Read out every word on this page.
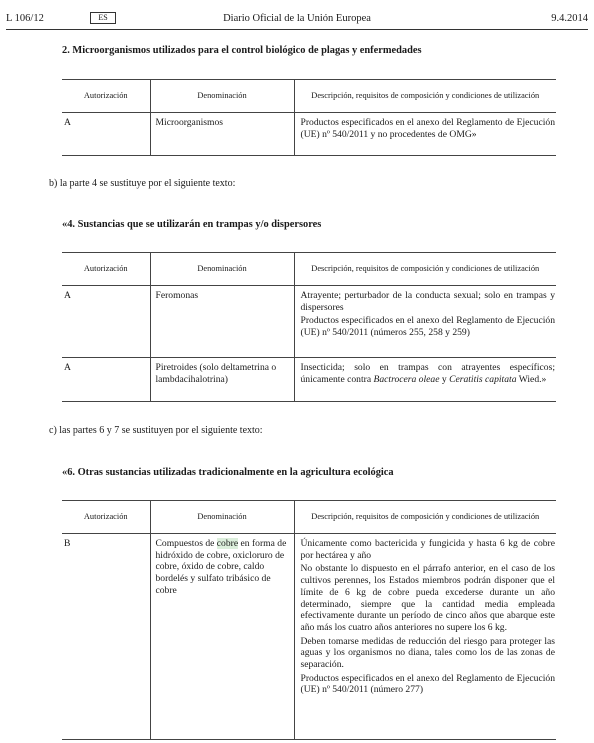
L 106/12	ES	Diario Oficial de la Unión Europea	9.4.2014
2. Microorganismos utilizados para el control biológico de plagas y enfermedades
Autorización	Denominación	Descripción, requisitos de composición y condiciones de utilización
A	Microorganismos	Productos especificados en el anexo del Reglamento de Ejecución (UE) nº 540/2011 y no procedentes de OMG»

b) la parte 4 se sustituye por el siguiente texto:
«4. Sustancias que se utilizarán en trampas y/o dispersores
Autorización	Denominación	Descripción, requisitos de composición y condiciones de utilización
A	Feromonas	Atrayente; perturbador de la conducta sexual; solo en trampas y dispersores

Productos especificados en el anexo del Reglamento de Ejecución (UE) nº 540/2011 (números 255, 258 y 259)

A	Piretroides (solo deltametrina o lambdacihalotrina)	Insecticida; solo en trampas con atrayentes específicos; únicamente contra Bactrocera oleae y Ceratitis capitata Wied.»

c) las partes 6 y 7 se sustituyen por el siguiente texto:
«6. Otras sustancias utilizadas tradicionalmente en la agricultura ecológica
Autorización	Denominación	Descripción, requisitos de composición y condiciones de utilización
B	Compuestos de cobre en forma de hidróxido de cobre, oxicloruro de cobre, óxido de cobre, caldo bordelés y sulfato tribásico de cobre	Únicamente como bactericida y fungicida y hasta 6 kg de cobre por hectárea y año

No obstante lo dispuesto en el párrafo anterior, en el caso de los cultivos perennes, los Estados miembros podrán disponer que el límite de 6 kg de cobre pueda excederse durante un año determinado, siempre que la cantidad media empleada efectivamente durante un período de cinco años que abarque este año más los cuatro años anteriores no supere los 6 kg.

Deben tomarse medidas de reducción del riesgo para proteger las aguas y los organismos no diana, tales como los de las zonas de separación.

Productos especificados en el anexo del Reglamento de Ejecución (UE) nº 540/2011 (número 277)
